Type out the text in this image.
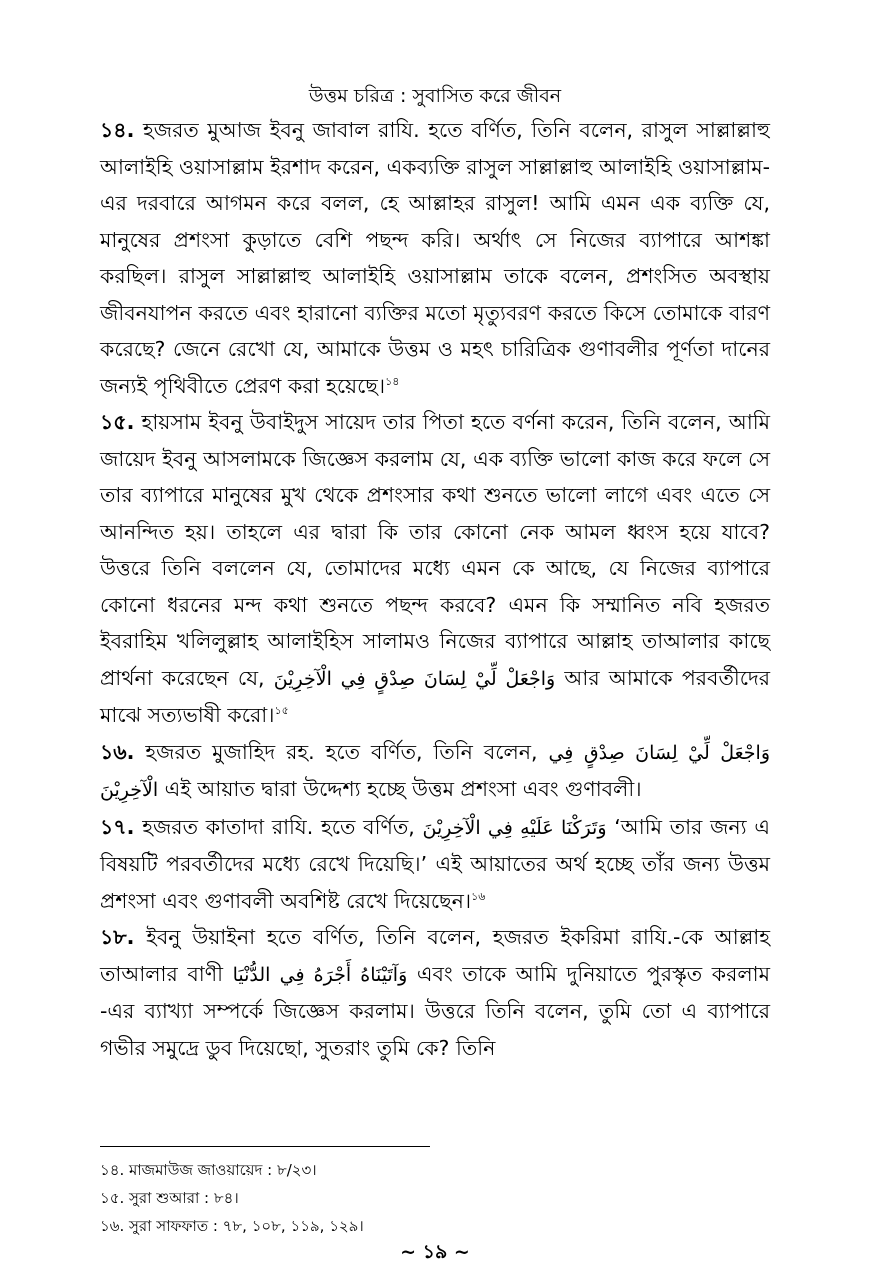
উত্তম চরিত্র : সুবাসিত করে জীবন

১৪. হজরত মুআজ ইবনু জাবাল রাযি. হতে বর্ণিত, তিনি বলেন, রাসুল সাল্লাল্লাহু আলাইহি ওয়াসাল্লাম ইরশাদ করেন, একব্যক্তি রাসুল সাল্লাল্লাহু আলাইহি ওয়াসাল্লাম-এর দরবারে আগমন করে বলল, হে আল্লাহর রাসুল! আমি এমন এক ব্যক্তি যে, মানুষের প্রশংসা কুড়াতে বেশি পছন্দ করি। অর্থাৎ সে নিজের ব্যাপারে আশঙ্কা করছিল। রাসুল সাল্লাল্লাহু আলাইহি ওয়াসাল্লাম তাকে বলেন, প্রশংসিত অবস্থায় জীবনযাপন করতে এবং হারানো ব্যক্তির মতো মৃত্যুবরণ করতে কিসে তোমাকে বারণ করেছে? জেনে রেখো যে, আমাকে উত্তম ও মহৎ চারিত্রিক গুণাবলীর পূর্ণতা দানের জন্যই পৃথিবীতে প্রেরণ করা হয়েছে।$^{১৪}$

১৫. হায়সাম ইবনু উবাইদুস সায়েদ তার পিতা হতে বর্ণনা করেন, তিনি বলেন, আমি জায়েদ ইবনু আসলামকে জিজ্ঞেস করলাম যে, এক ব্যক্তি ভালো কাজ করে ফলে সে তার ব্যাপারে মানুষের মুখ থেকে প্রশংসার কথা শুনতে ভালো লাগে এবং এতে সে আনন্দিত হয়। তাহলে এর দ্বারা কি তার কোনো নেক আমল ধ্বংস হয়ে যাবে? উত্তরে তিনি বললেন যে, তোমাদের মধ্যে এমন কে আছে, যে নিজের ব্যাপারে কোনো ধরনের মন্দ কথা শুনতে পছন্দ করবে? এমন কি সম্মানিত নবি হজরত ইবরাহিম খলিলুল্লাহ আলাইহিস সালামও নিজের ব্যাপারে আল্লাহ তাআলার কাছে প্রার্থনা করেছেন যে, وَاجْعَلْ لِّيْ لِسَانَ صِدْقٍ فِي الْآخِرِيْنَ আর আমাকে পরবর্তীদের মাঝে সত্যভাষী করো।$^{১৫}$

১৬. হজরত মুজাহিদ রহ. হতে বর্ণিত, তিনি বলেন, وَاجْعَلْ لِّيْ لِسَانَ صِدْقٍ فِي الْآخِرِيْنَ এই আয়াত দ্বারা উদ্দেশ্য হচ্ছে উত্তম প্রশংসা এবং গুণাবলী।

১৭. হজরত কাতাদা রাযি. হতে বর্ণিত, وَتَرَكْنَا عَلَيْهِ فِي الْآخِرِيْنَ ‘আমি তার জন্য এ বিষয়টি পরবর্তীদের মধ্যে রেখে দিয়েছি।’ এই আয়াতের অর্থ হচ্ছে তাঁর জন্য উত্তম প্রশংসা এবং গুণাবলী অবশিষ্ট রেখে দিয়েছেন।$^{১৬}$

১৮. ইবনু উয়াইনা হতে বর্ণিত, তিনি বলেন, হজরত ইকরিমা রাযি.-কে আল্লাহ তাআলার বাণী وَآتَيْنَاهُ أَجْرَهُ فِي الدُّنْيَا এবং তাকে আমি দুনিয়াতে পুরস্কৃত করলাম -এর ব্যাখ্যা সম্পর্কে জিজ্ঞেস করলাম। উত্তরে তিনি বলেন, তুমি তো এ ব্যাপারে গভীর সমুদ্রে ডুব দিয়েছো, সুতরাং তুমি কে? তিনি

১৪. মাজমাউজ জাওয়ায়েদ : ৮/২৩।
১৫. সুরা শুআরা : ৮৪।
১৬. সুরা সাফফাত : ৭৮, ১০৮, ১১৯, ১২৯।
~ ১৯ ~
